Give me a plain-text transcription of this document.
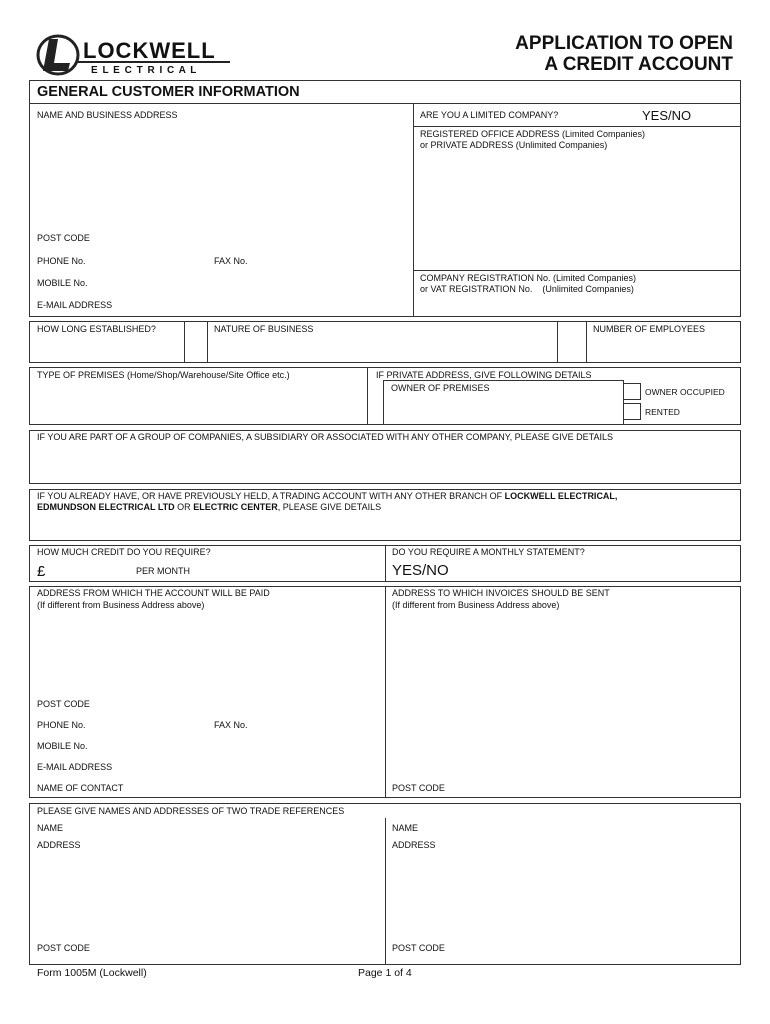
LOCKWELL
E L E C T R I C A L
APPLICATION TO OPEN
A CREDIT ACCOUNT
GENERAL CUSTOMER INFORMATION
NAME AND BUSINESS ADDRESS	ARE YOU A LIMITED COMPANY?	YES/NO
REGISTERED OFFICE ADDRESS (Limited Companies)
or PRIVATE ADDRESS (Unlimited Companies)
POST CODE
PHONE No.	FAX No.
MOBILE No.
E-MAIL ADDRESS
COMPANY REGISTRATION No. (Limited Companies)
or VAT REGISTRATION No.    (Unlimited Companies)
HOW LONG ESTABLISHED?	NATURE OF BUSINESS	NUMBER OF EMPLOYEES
TYPE OF PREMISES (Home/Shop/Warehouse/Site Office etc.)	IF PRIVATE ADDRESS, GIVE FOLLOWING DETAILS
OWNER OF PREMISES	OWNER OCCUPIED
RENTED
IF YOU ARE PART OF A GROUP OF COMPANIES, A SUBSIDIARY OR ASSOCIATED WITH ANY OTHER COMPANY, PLEASE GIVE DETAILS
IF YOU ALREADY HAVE, OR HAVE PREVIOUSLY HELD, A TRADING ACCOUNT WITH ANY OTHER BRANCH OF LOCKWELL ELECTRICAL,
EDMUNDSON ELECTRICAL LTD OR ELECTRIC CENTER, PLEASE GIVE DETAILS
HOW MUCH CREDIT DO YOU REQUIRE?
£	PER MONTH
DO YOU REQUIRE A MONTHLY STATEMENT?
YES/NO
ADDRESS FROM WHICH THE ACCOUNT WILL BE PAID
(If different from Business Address above)
ADDRESS TO WHICH INVOICES SHOULD BE SENT
(If different from Business Address above)
POST CODE
PHONE No.	FAX No.
MOBILE No.
E-MAIL ADDRESS
NAME OF CONTACT	POST CODE
PLEASE GIVE NAMES AND ADDRESSES OF TWO TRADE REFERENCES
NAME
ADDRESS
NAME
ADDRESS
POST CODE	POST CODE
Form 1005M (Lockwell)	Page 1 of 4
